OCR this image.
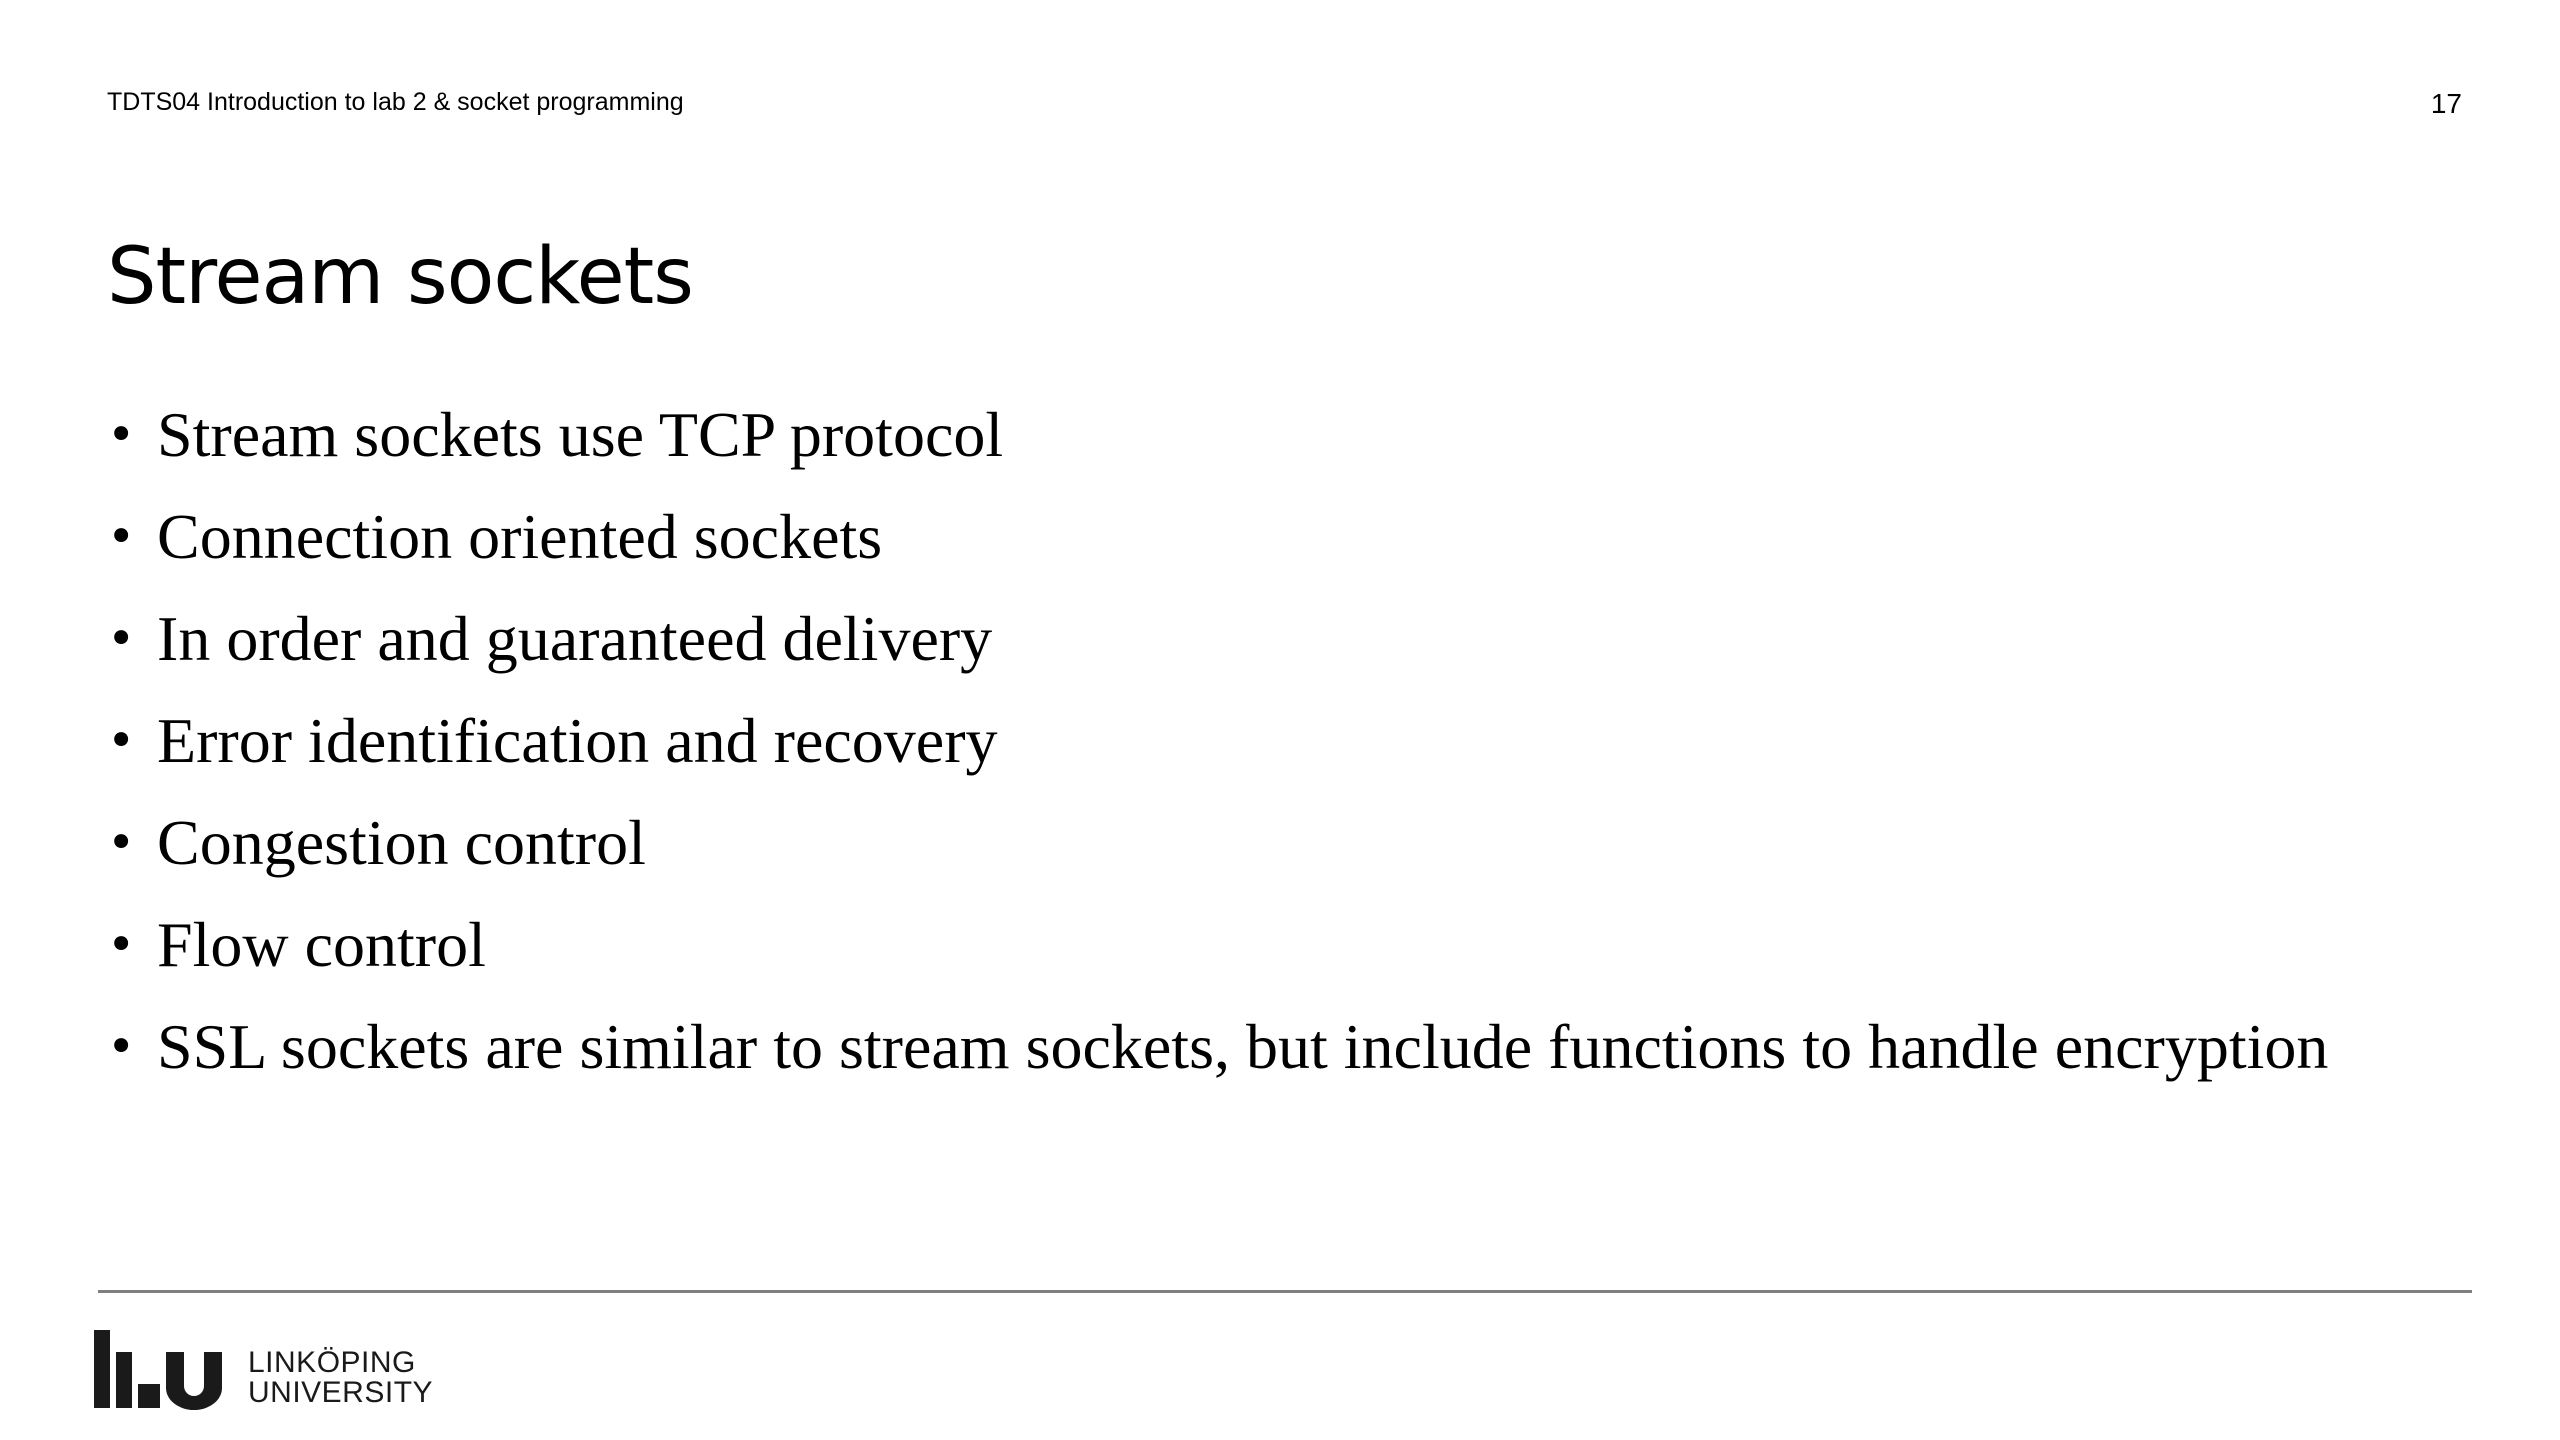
TDTS04 Introduction to lab 2 & socket programming	17
Stream sockets
• Stream sockets use TCP protocol
• Connection oriented sockets
• In order and guaranteed delivery
• Error identification and recovery
• Congestion control
• Flow control
• SSL sockets are similar to stream sockets, but include functions to handle encryption
LINKÖPING
UNIVERSITY
